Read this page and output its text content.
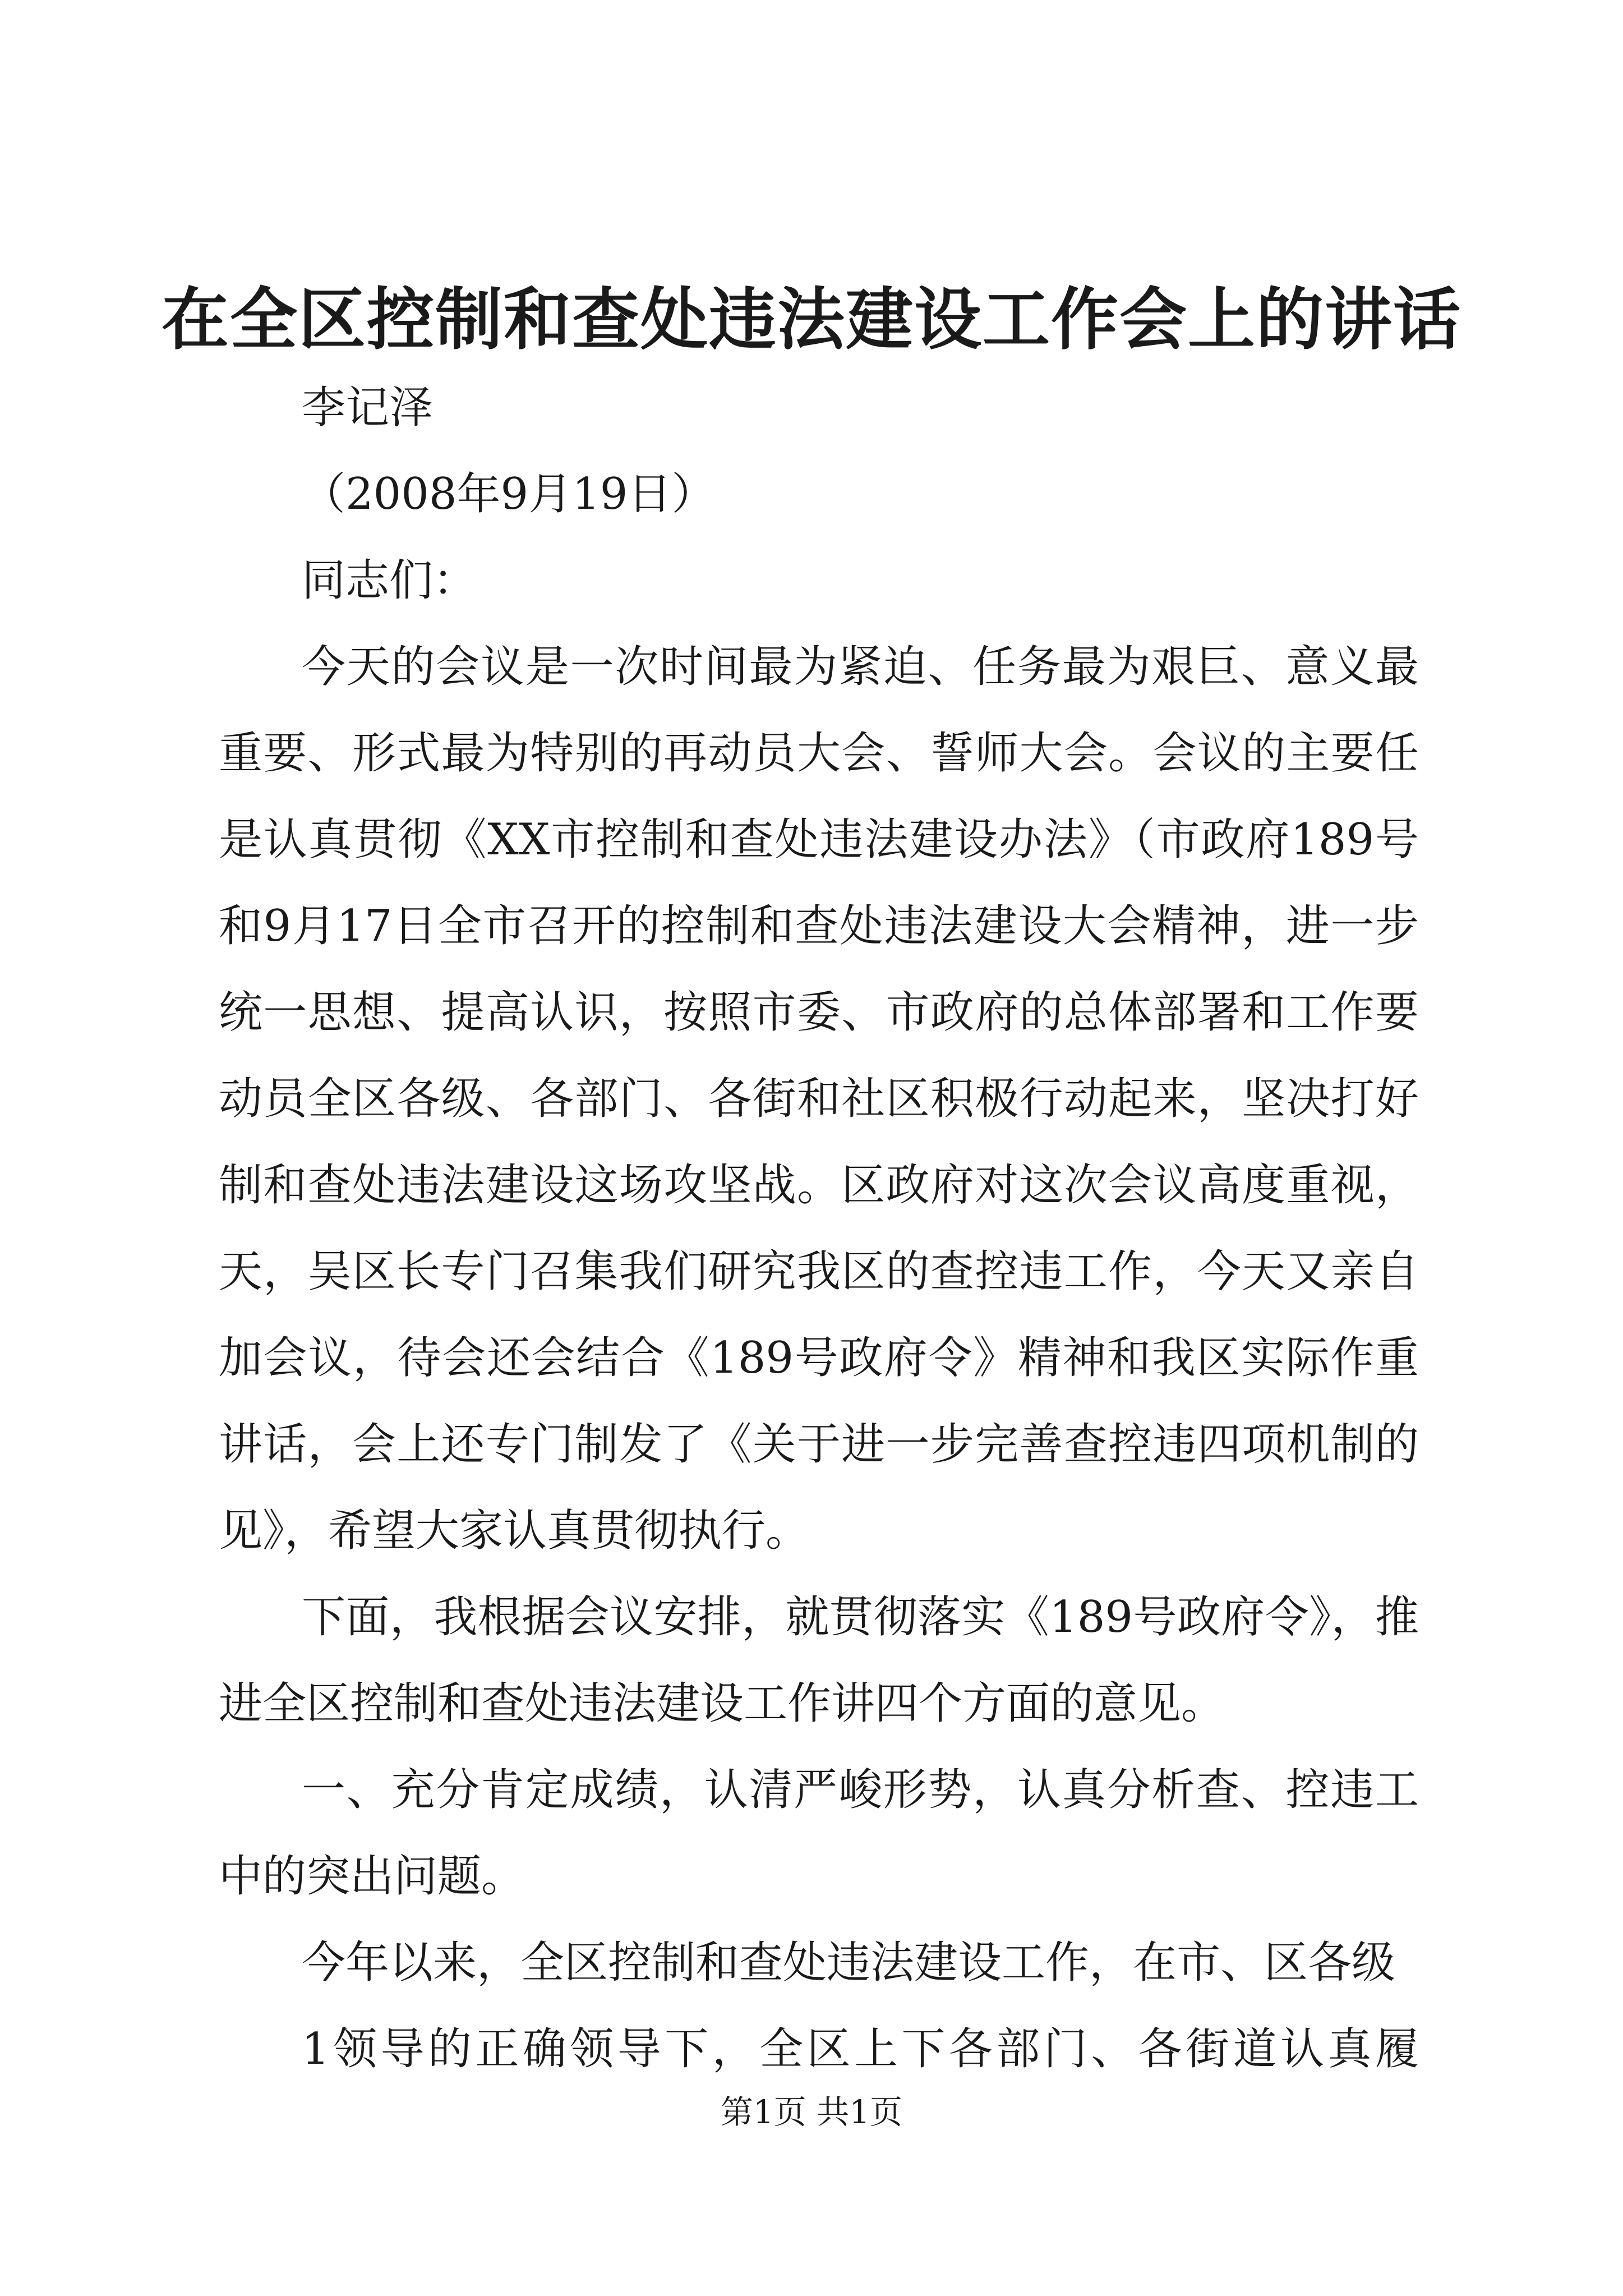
在全区控制和查处违法建设工作会上的讲话
李记泽
（2008年9月19日）
同志们：
今天的会议是一次时间最为紧迫、任务最为艰巨、意义最
重要、形式最为特别的再动员大会、誓师大会。会议的主要任
是认真贯彻《XX市控制和查处违法建设办法》（市政府189号
和9月17日全市召开的控制和查处违法建设大会精神，进一步
统一思想、提高认识，按照市委、市政府的总体部署和工作要
动员全区各级、各部门、各街和社区积极行动起来，坚决打好
制和查处违法建设这场攻坚战。区政府对这次会议高度重视，
天，吴区长专门召集我们研究我区的查控违工作，今天又亲自
加会议，待会还会结合《189号政府令》精神和我区实际作重
讲话，会上还专门制发了《关于进一步完善查控违四项机制的
见》，希望大家认真贯彻执行。
下面，我根据会议安排，就贯彻落实《189号政府令》，推
进全区控制和查处违法建设工作讲四个方面的意见。
一、充分肯定成绩，认清严峻形势，认真分析查、控违工
中的突出问题。
今年以来，全区控制和查处违法建设工作，在市、区各级
1领导的正确领导下，全区上下各部门、各街道认真履
第1页 共1页
